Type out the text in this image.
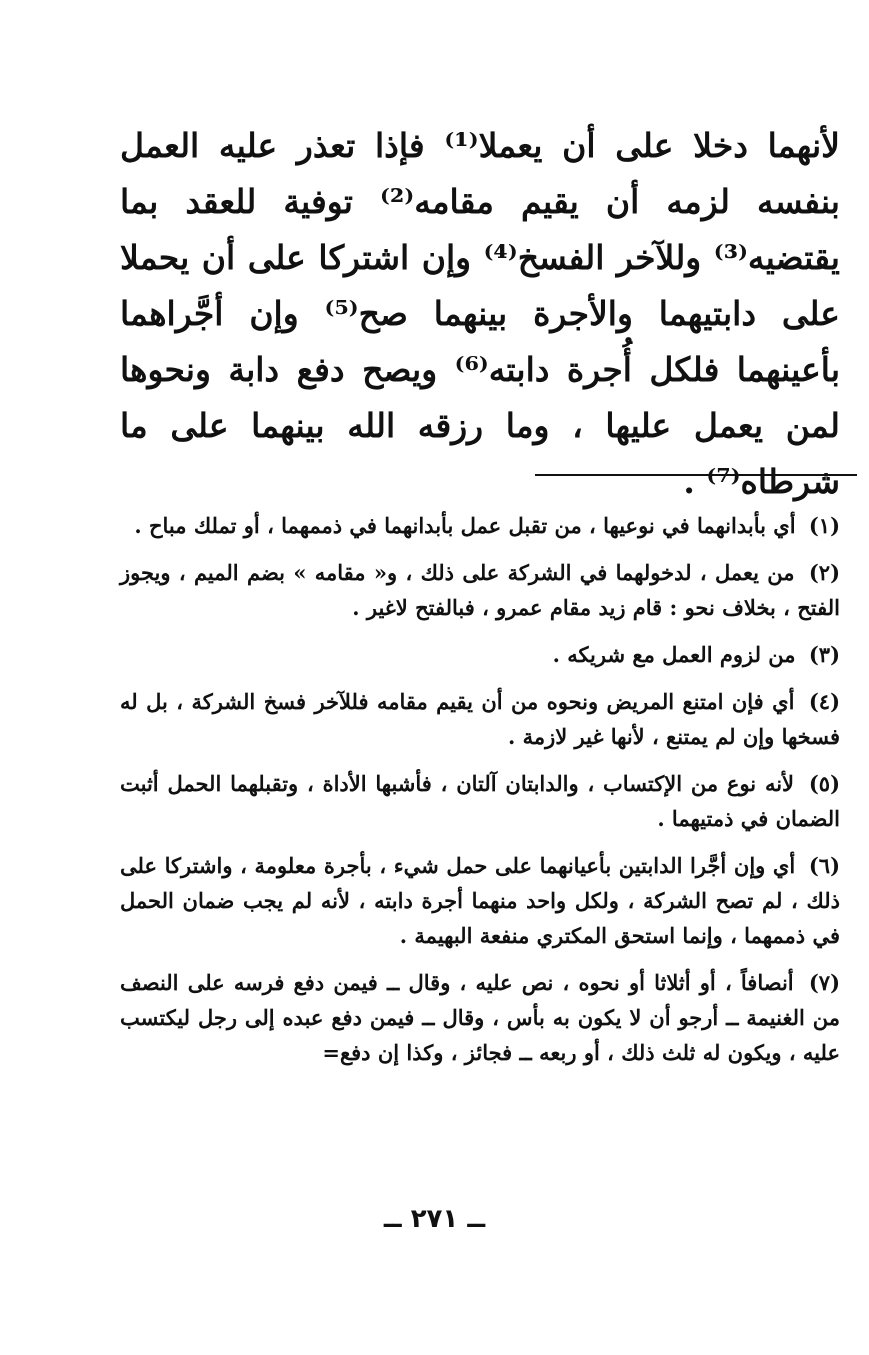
لأنهما دخلا على أن يعملا⁽¹⁾ فإذا تعذر عليه العمل بنفسه لزمه أن يقيم مقامه⁽²⁾ توفية للعقد بما يقتضيه⁽³⁾ وللآخر الفسخ⁽⁴⁾ وإن اشتركا على أن يحملا على دابتيهما والأجرة بينهما صح⁽⁵⁾ وإن أجَّراهما بأعينهما فلكل أُجرة دابته⁽⁶⁾ ويصح دفع دابة ونحوها لمن يعمل عليها ، وما رزقه الله بينهما على ما شرطاه⁽⁷⁾ .

(١) أي بأبدانهما في نوعيها ، من تقبل عمل بأبدانهما في ذممهما ، أو تملك مباح .

(٢) من يعمل ، لدخولهما في الشركة على ذلك ، و« مقامه » بضم الميم ، ويجوز الفتح ، بخلاف نحو : قام زيد مقام عمرو ، فبالفتح لاغير .

(٣) من لزوم العمل مع شريكه .

(٤) أي فإن امتنع المريض ونحوه من أن يقيم مقامه فللآخر فسخ الشركة ، بل له فسخها وإن لم يمتنع ، لأنها غير لازمة .

(٥) لأنه نوع من الإكتساب ، والدابتان آلتان ، فأشبها الأداة ، وتقبلهما الحمل أثبت الضمان في ذمتيهما .

(٦) أي وإن أجَّرا الدابتين بأعيانهما على حمل شيء ، بأجرة معلومة ، واشتركا على ذلك ، لم تصح الشركة ، ولكل واحد منهما أجرة دابته ، لأنه لم يجب ضمان الحمل في ذممهما ، وإنما استحق المكتري منفعة البهيمة .

(٧) أنصافاً ، أو أثلاثا أو نحوه ، نص عليه ، وقال ــ فيمن دفع فرسه على النصف من الغنيمة ــ أرجو أن لا يكون به بأس ، وقال ــ فيمن دفع عبده إلى رجل ليكتسب عليه ، ويكون له ثلث ذلك ، أو ربعه ــ فجائز ، وكذا إن دفع=

ــ ٢٧١ ــ
